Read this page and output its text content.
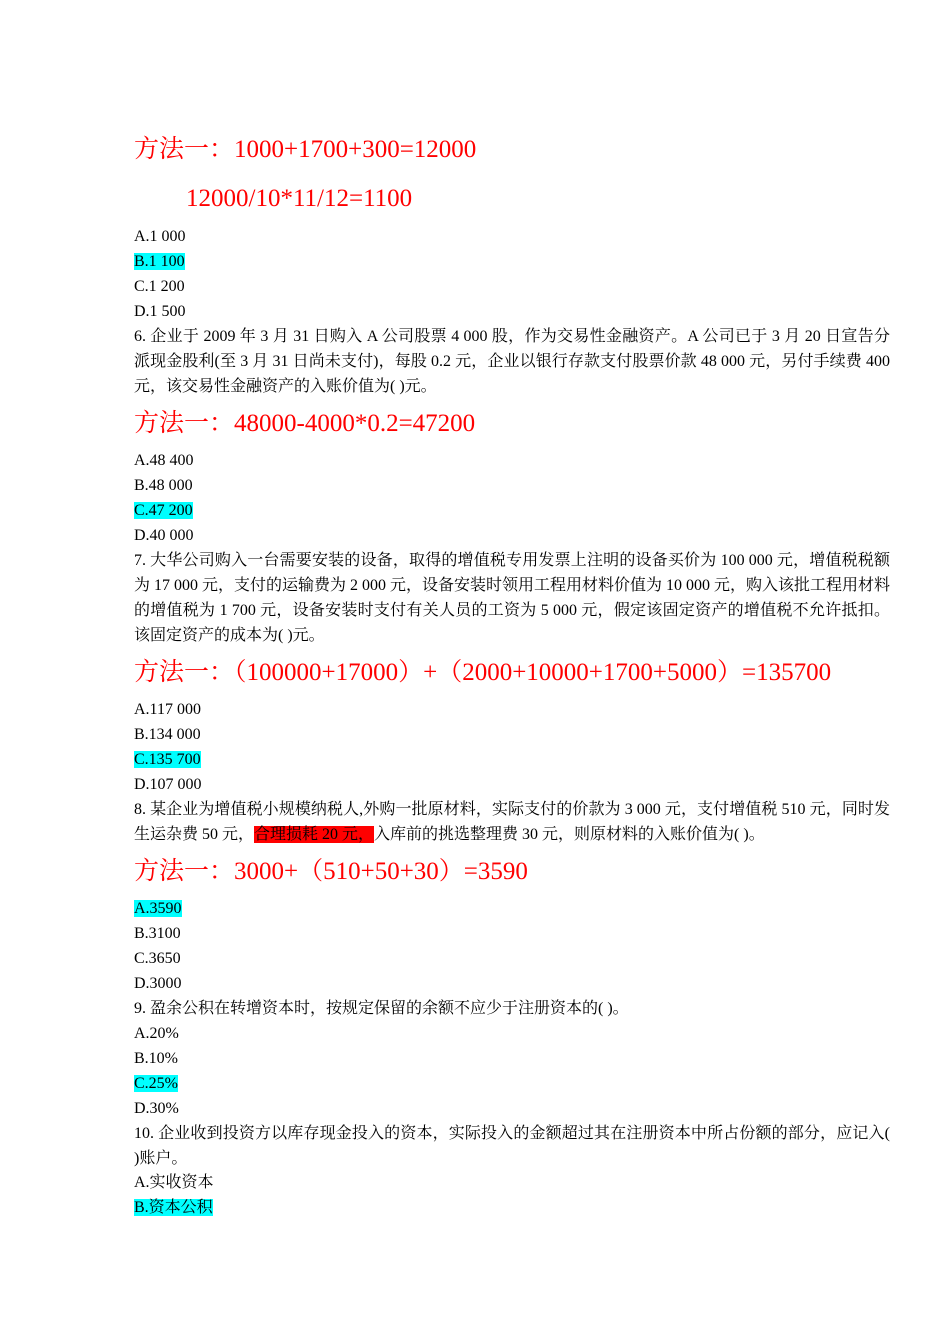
方法一：1000+1700+300=12000
12000/10*11/12=1100
A.1 000
B.1 100
C.1 200
D.1 500
6. 企业于 2009 年 3 月 31 日购入 A 公司股票 4 000 股，作为交易性金融资产。A 公司已于 3 月 20 日宣告分派现金股利(至 3 月 31 日尚未支付)，每股 0.2 元，企业以银行存款支付股票价款 48 000 元，另付手续费 400 元，该交易性金融资产的入账价值为( )元。
方法一：48000-4000*0.2=47200
A.48 400
B.48 000
C.47 200
D.40 000
7. 大华公司购入一台需要安装的设备，取得的增值税专用发票上注明的设备买价为 100 000 元，增值税税额为 17 000 元，支付的运输费为 2 000 元，设备安装时领用工程用材料价值为 10 000 元，购入该批工程用材料的增值税为 1 700 元，设备安装时支付有关人员的工资为 5 000 元，假定该固定资产的增值税不允许抵扣。该固定资产的成本为( )元。
方法一：（100000+17000）+（2000+10000+1700+5000）=135700
A.117 000
B.134 000
C.135 700
D.107 000
8. 某企业为增值税小规模纳税人,外购一批原材料，实际支付的价款为 3 000 元，支付增值税 510 元，同时发生运杂费 50 元，合理损耗 20 元，入库前的挑选整理费 30 元，则原材料的入账价值为( )。
方法一：3000+（510+50+30）=3590
A.3590
B.3100
C.3650
D.3000
9. 盈余公积在转增资本时，按规定保留的余额不应少于注册资本的( )。
A.20%
B.10%
C.25%
D.30%
10. 企业收到投资方以库存现金投入的资本，实际投入的金额超过其在注册资本中所占份额的部分，应记入( )账户。
A.实收资本
B.资本公积
